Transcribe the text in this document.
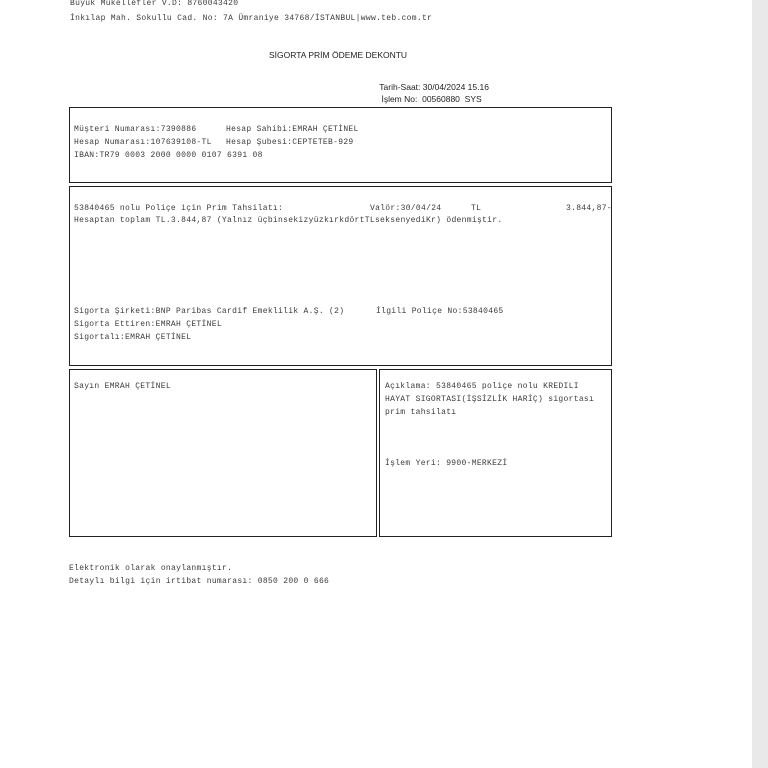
Büyük Mükellefler V.D: 8760043420
İnkılap Mah. Sokullu Cad. No: 7A Ümraniye 34768/İSTANBUL|www.teb.com.tr
SİGORTA PRİM ÖDEME DEKONTU

Tarih-Saat: 30/04/2024 15.16

İşlem No: 00560880 SYS

Müşteri Numarası:7390886	Hesap Sahibi:EMRAH ÇETİNEL
Hesap Numarası:107639108-TL Hesap Şubesi:CEPTETEB-929
IBAN:TR79 0003 2000 0000 0107 6391 08
53840465 nolu Poliçe için Prim Tahsilatı:	Valör:30/04/24	TL	3.844,87-
Hesaptan toplam TL.3.844,87 (Yalnız üçbinsekizyüzkırkdörtTLseksenyediKr) ödenmiştir.
Sigorta Şirketi:BNP Paribas Cardif Emeklilik A.Ş. (2)	İlgili Poliçe No:53840465
Sigorta Ettiren:EMRAH ÇETİNEL
Sigortalı:EMRAH ÇETİNEL
Sayın EMRAH ÇETİNEL	Açıklama: 53840465 poliçe nolu KREDILI
HAYAT SIGORTASI(İŞSİZLİK HARİÇ) sigortası
prim tahsilatı
İşlem Yeri: 9900-MERKEZİ
Elektronik olarak onaylanmıştır.
Detaylı bilgi için irtibat numarası: 0850 200 0 666
